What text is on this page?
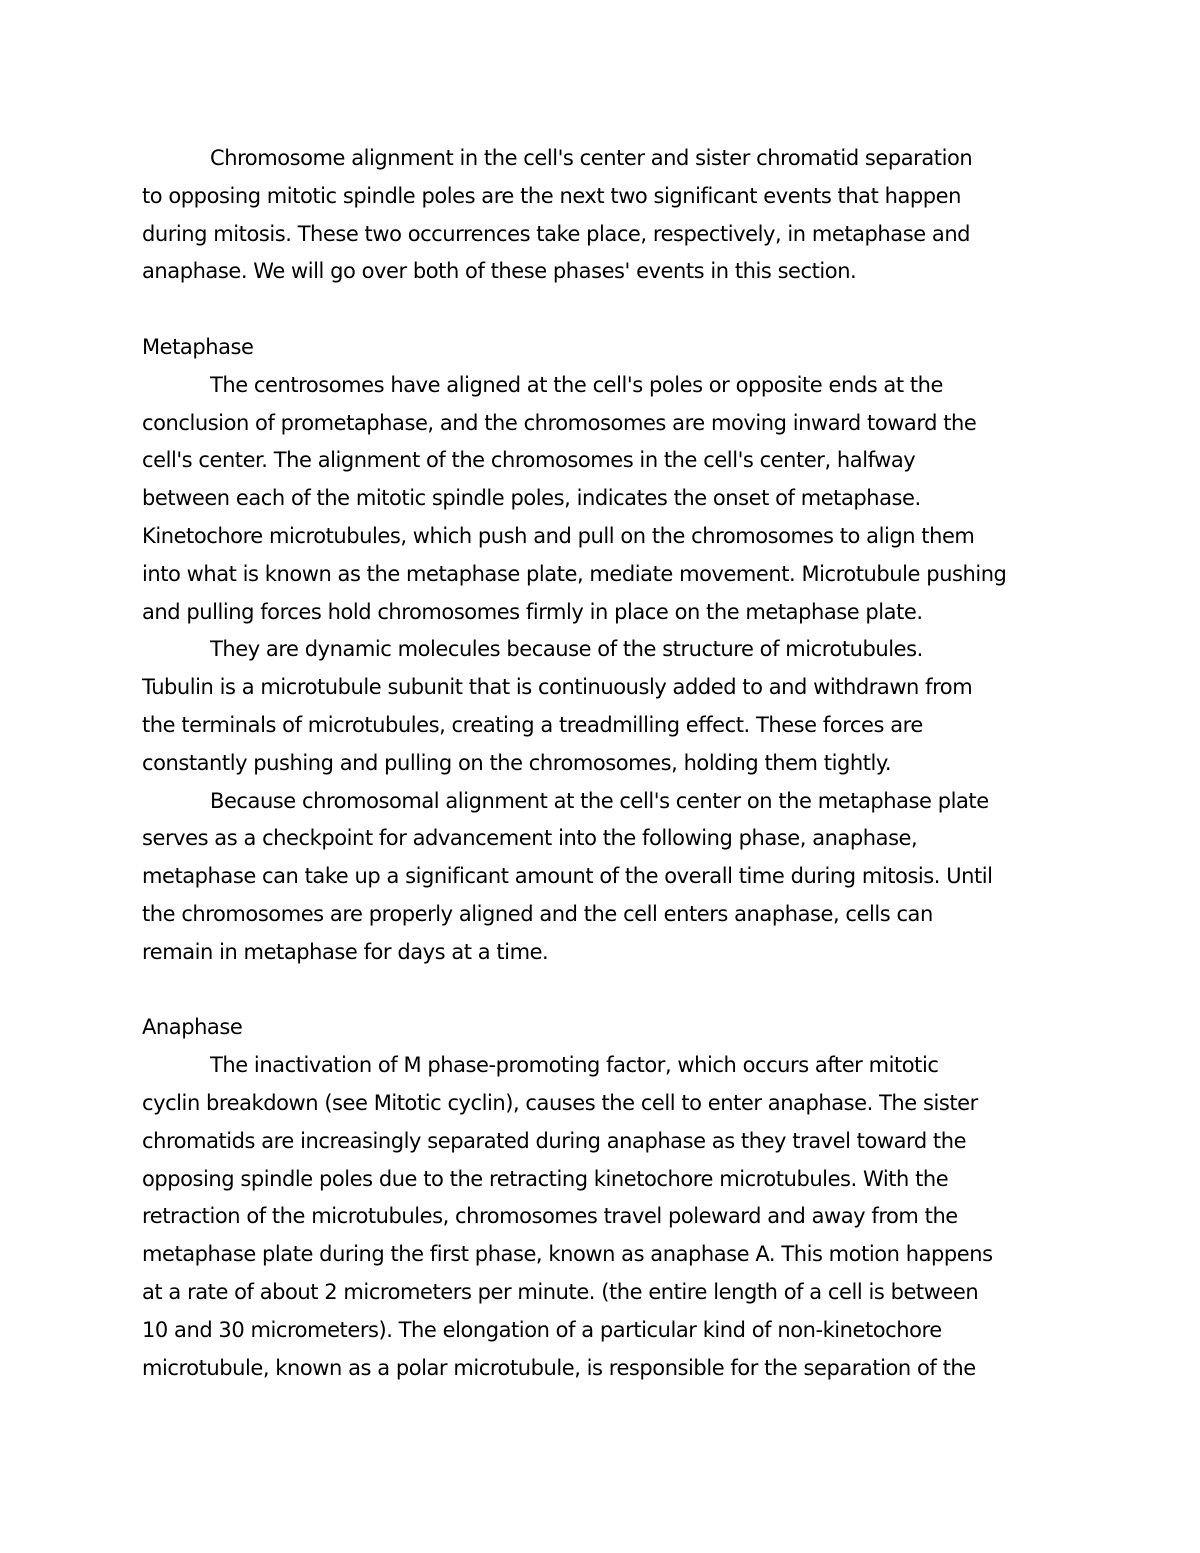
Chromosome alignment in the cell's center and sister chromatid separation
to opposing mitotic spindle poles are the next two significant events that happen
during mitosis. These two occurrences take place, respectively, in metaphase and
anaphase. We will go over both of these phases' events in this section.
Metaphase
The centrosomes have aligned at the cell's poles or opposite ends at the
conclusion of prometaphase, and the chromosomes are moving inward toward the
cell's center. The alignment of the chromosomes in the cell's center, halfway
between each of the mitotic spindle poles, indicates the onset of metaphase.
Kinetochore microtubules, which push and pull on the chromosomes to align them
into what is known as the metaphase plate, mediate movement. Microtubule pushing
and pulling forces hold chromosomes firmly in place on the metaphase plate.
They are dynamic molecules because of the structure of microtubules.
Tubulin is a microtubule subunit that is continuously added to and withdrawn from
the terminals of microtubules, creating a treadmilling effect. These forces are
constantly pushing and pulling on the chromosomes, holding them tightly.
Because chromosomal alignment at the cell's center on the metaphase plate
serves as a checkpoint for advancement into the following phase, anaphase,
metaphase can take up a significant amount of the overall time during mitosis. Until
the chromosomes are properly aligned and the cell enters anaphase, cells can
remain in metaphase for days at a time.
Anaphase
The inactivation of M phase-promoting factor, which occurs after mitotic
cyclin breakdown (see Mitotic cyclin), causes the cell to enter anaphase. The sister
chromatids are increasingly separated during anaphase as they travel toward the
opposing spindle poles due to the retracting kinetochore microtubules. With the
retraction of the microtubules, chromosomes travel poleward and away from the
metaphase plate during the first phase, known as anaphase A. This motion happens
at a rate of about 2 micrometers per minute. (the entire length of a cell is between
10 and 30 micrometers). The elongation of a particular kind of non-kinetochore
microtubule, known as a polar microtubule, is responsible for the separation of the
